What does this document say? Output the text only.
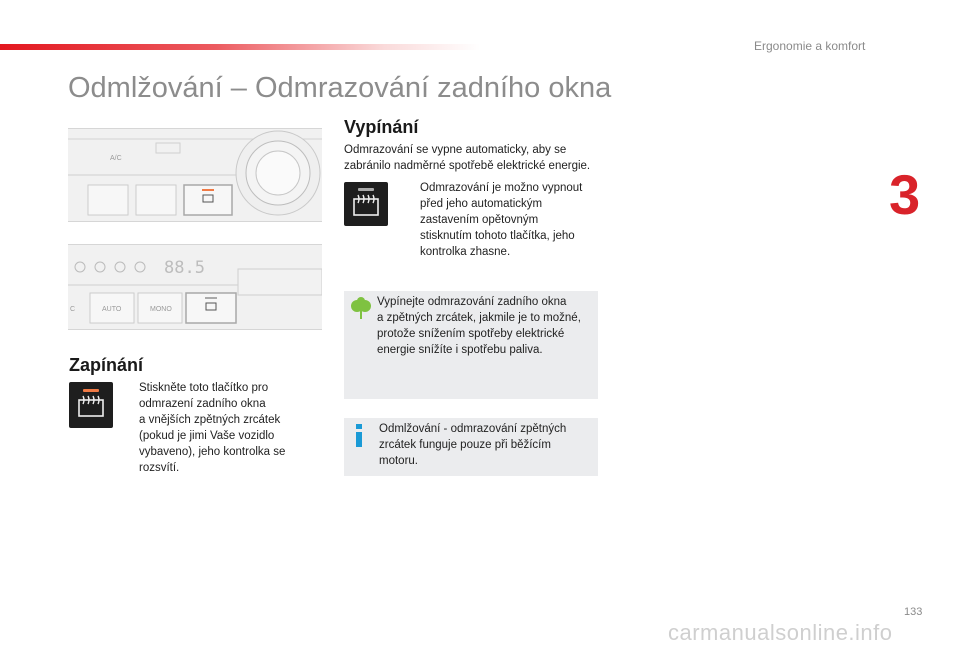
Ergonomie a komfort
3
Odmlžování – Odmrazování zadního okna
A/C
88.5
AUTO	MONO
C
Zapínání
Stiskněte toto tlačítko pro
odmrazení zadního okna
a vnějších zpětných zrcátek
(pokud je jimi Vaše vozidlo
vybaveno), jeho kontrolka se
rozsvítí.
Vypínání
Odmrazování se vypne automaticky, aby se
zabránilo nadměrné spotřebě elektrické energie.
Odmrazování je možno vypnout
před jeho automatickým
zastavením opětovným
stisknutím tohoto tlačítka, jeho
kontrolka zhasne.
Vypínejte odmrazování zadního okna
a zpětných zrcátek, jakmile je to možné,
protože snížením spotřeby elektrické
energie snížíte i spotřebu paliva.
Odmlžování - odmrazování zpětných
zrcátek funguje pouze při běžícím
motoru.
133
carmanualsonline.info
